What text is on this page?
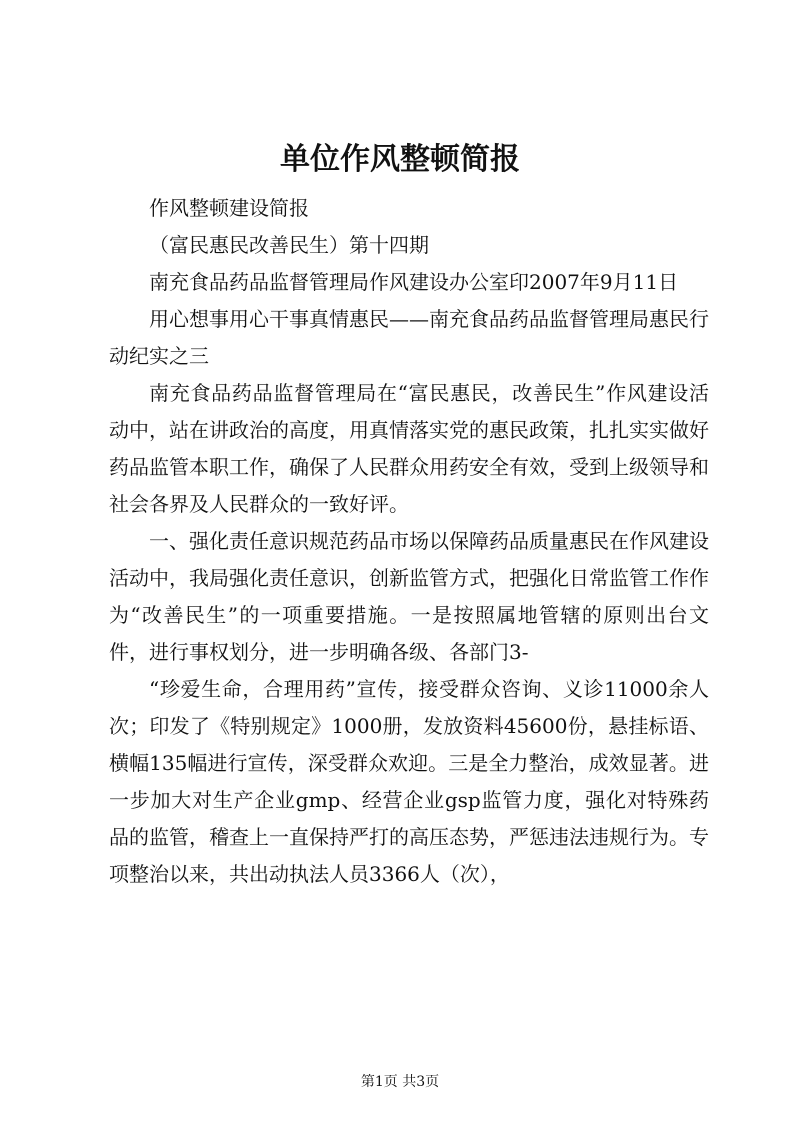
单位作风整顿简报

作风整顿建设简报

（富民惠民改善民生）第十四期

南充食品药品监督管理局作风建设办公室印2007年9月11日

用心想事用心干事真情惠民——南充食品药品监督管理局惠民行动纪实之三

南充食品药品监督管理局在“富民惠民，改善民生”作风建设活动中，站在讲政治的高度，用真情落实党的惠民政策，扎扎实实做好药品监管本职工作，确保了人民群众用药安全有效，受到上级领导和社会各界及人民群众的一致好评。

一、强化责任意识规范药品市场以保障药品质量惠民在作风建设活动中，我局强化责任意识，创新监管方式，把强化日常监管工作作为“改善民生”的一项重要措施。一是按照属地管辖的原则出台文件，进行事权划分，进一步明确各级、各部门3-

“珍爱生命，合理用药”宣传，接受群众咨询、义诊11000余人次；印发了《特别规定》1000册，发放资料45600份，悬挂标语、横幅135幅进行宣传，深受群众欢迎。三是全力整治，成效显著。进一步加大对生产企业gmp、经营企业gsp监管力度，强化对特殊药品的监管，稽查上一直保持严打的高压态势，严惩违法违规行为。专项整治以来，共出动执法人员3366人（次），

第1页 共3页
